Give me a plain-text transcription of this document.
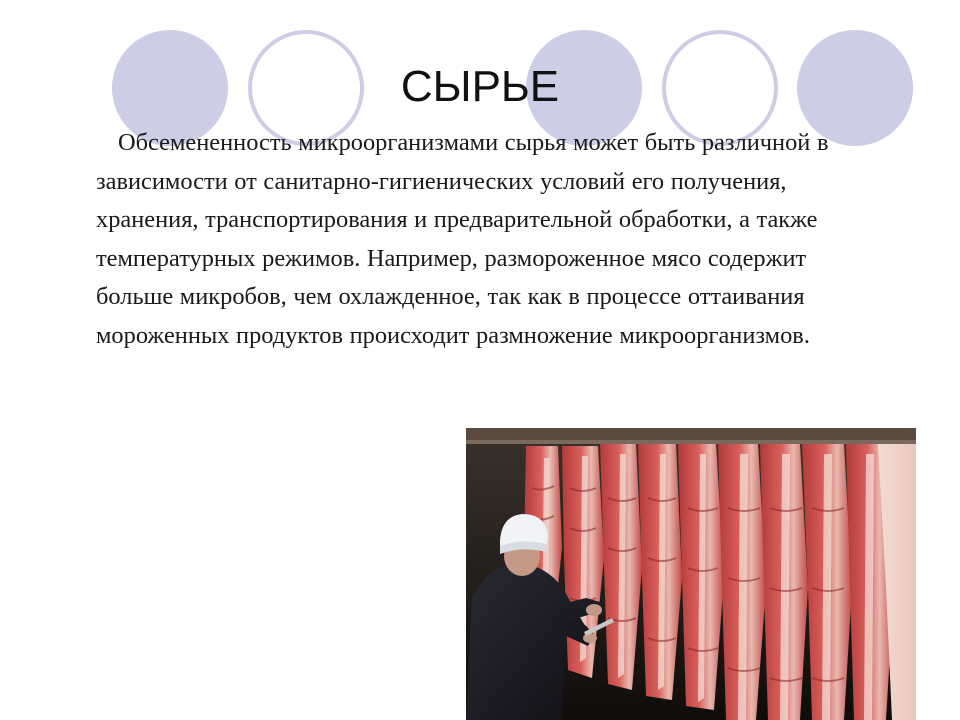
СЫРЬЕ

Обсемененность микроорганизмами сырья может быть различной в зависимости от санитарно-гигиенических условий его получения, хранения, транспортирования и предварительной обработки, а также температурных режимов. Например, размороженное мясо содержит больше микробов, чем охлажденное, так как в процессе оттаивания мороженных продуктов происходит размножение микроорганизмов.
